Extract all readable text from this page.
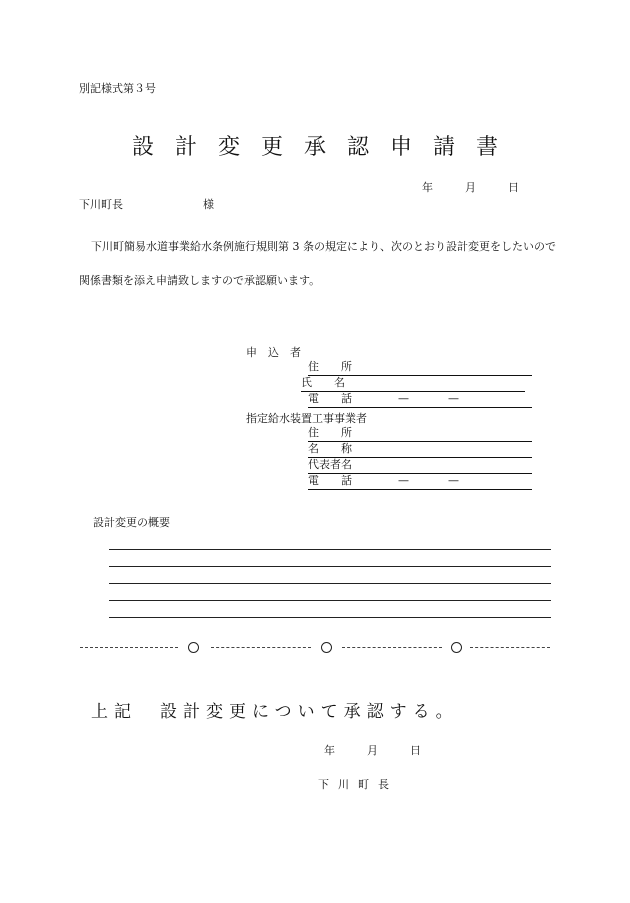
別記様式第３号
設計変更承認申請書
年	月	日
下川町長	様
下川町簡易水道事業給水条例施行規則第 3 条の規定により、次のとおり設計変更をしたいので関係書類を添え申請致しますので承認願います。
申　込　者
住　　所
氏　　名
電　　話	—	—
指定給水装置工事事業者
住　　所
名　　称
代表者名
電　　話	—	—
設計変更の概要
上記　設計変更について承認する。
年	月	日
下川町長
